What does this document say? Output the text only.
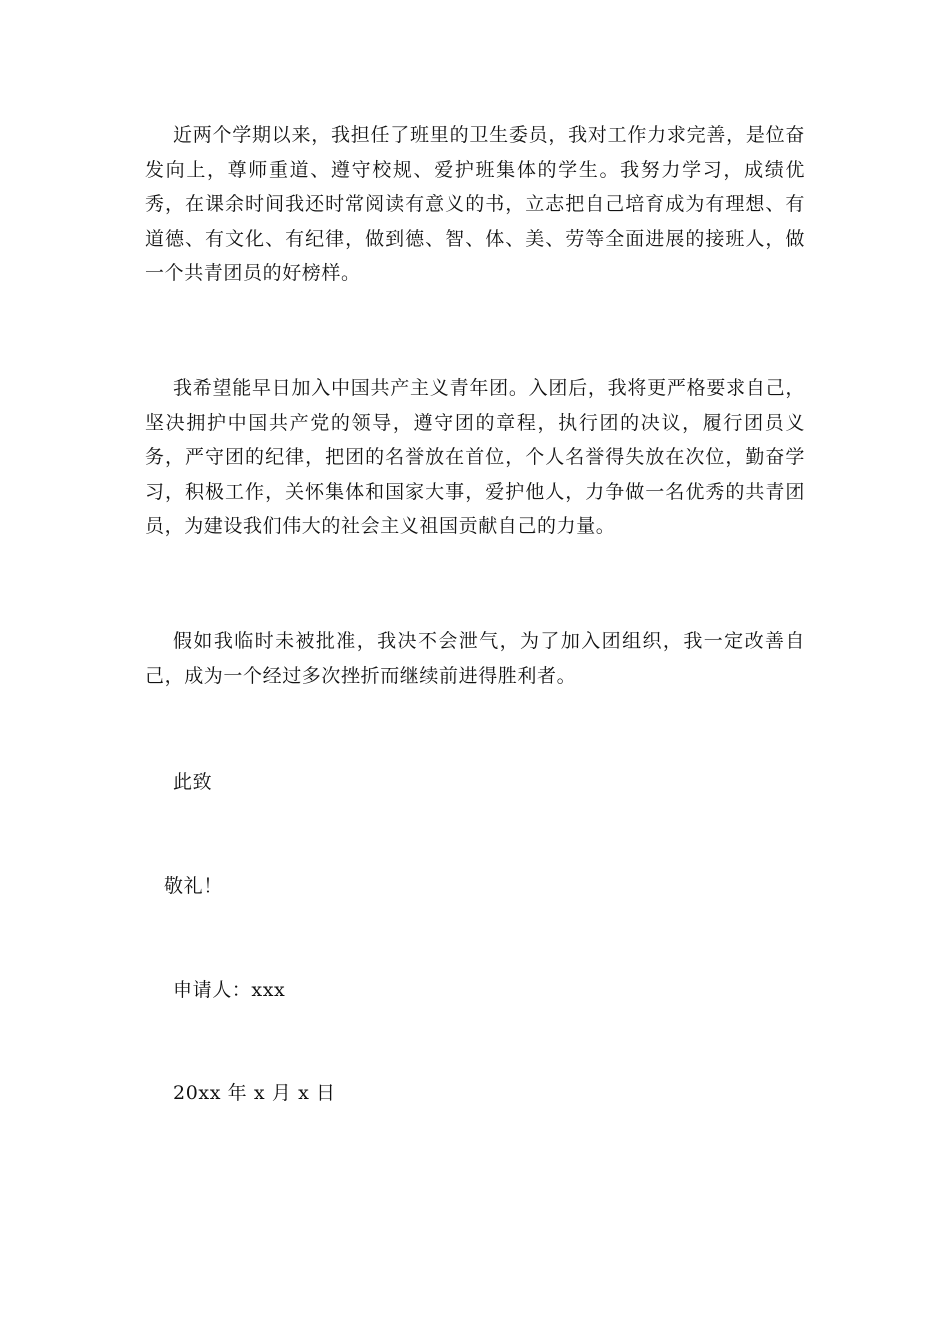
近两个学期以来，我担任了班里的卫生委员，我对工作力求完善，是位奋发向上，尊师重道、遵守校规、爱护班集体的学生。我努力学习，成绩优秀，在课余时间我还时常阅读有意义的书，立志把自己培育成为有理想、有道德、有文化、有纪律，做到德、智、体、美、劳等全面进展的接班人，做一个共青团员的好榜样。

我希望能早日加入中国共产主义青年团。入团后，我将更严格要求自己，坚决拥护中国共产党的领导，遵守团的章程，执行团的决议，履行团员义务，严守团的纪律，把团的名誉放在首位，个人名誉得失放在次位，勤奋学习，积极工作，关怀集体和国家大事，爱护他人，力争做一名优秀的共青团员，为建设我们伟大的社会主义祖国贡献自己的力量。

假如我临时未被批准，我决不会泄气，为了加入团组织，我一定改善自己，成为一个经过多次挫折而继续前进得胜利者。

此致

敬礼！

申请人：xxx

20xx 年 x 月 x 日
